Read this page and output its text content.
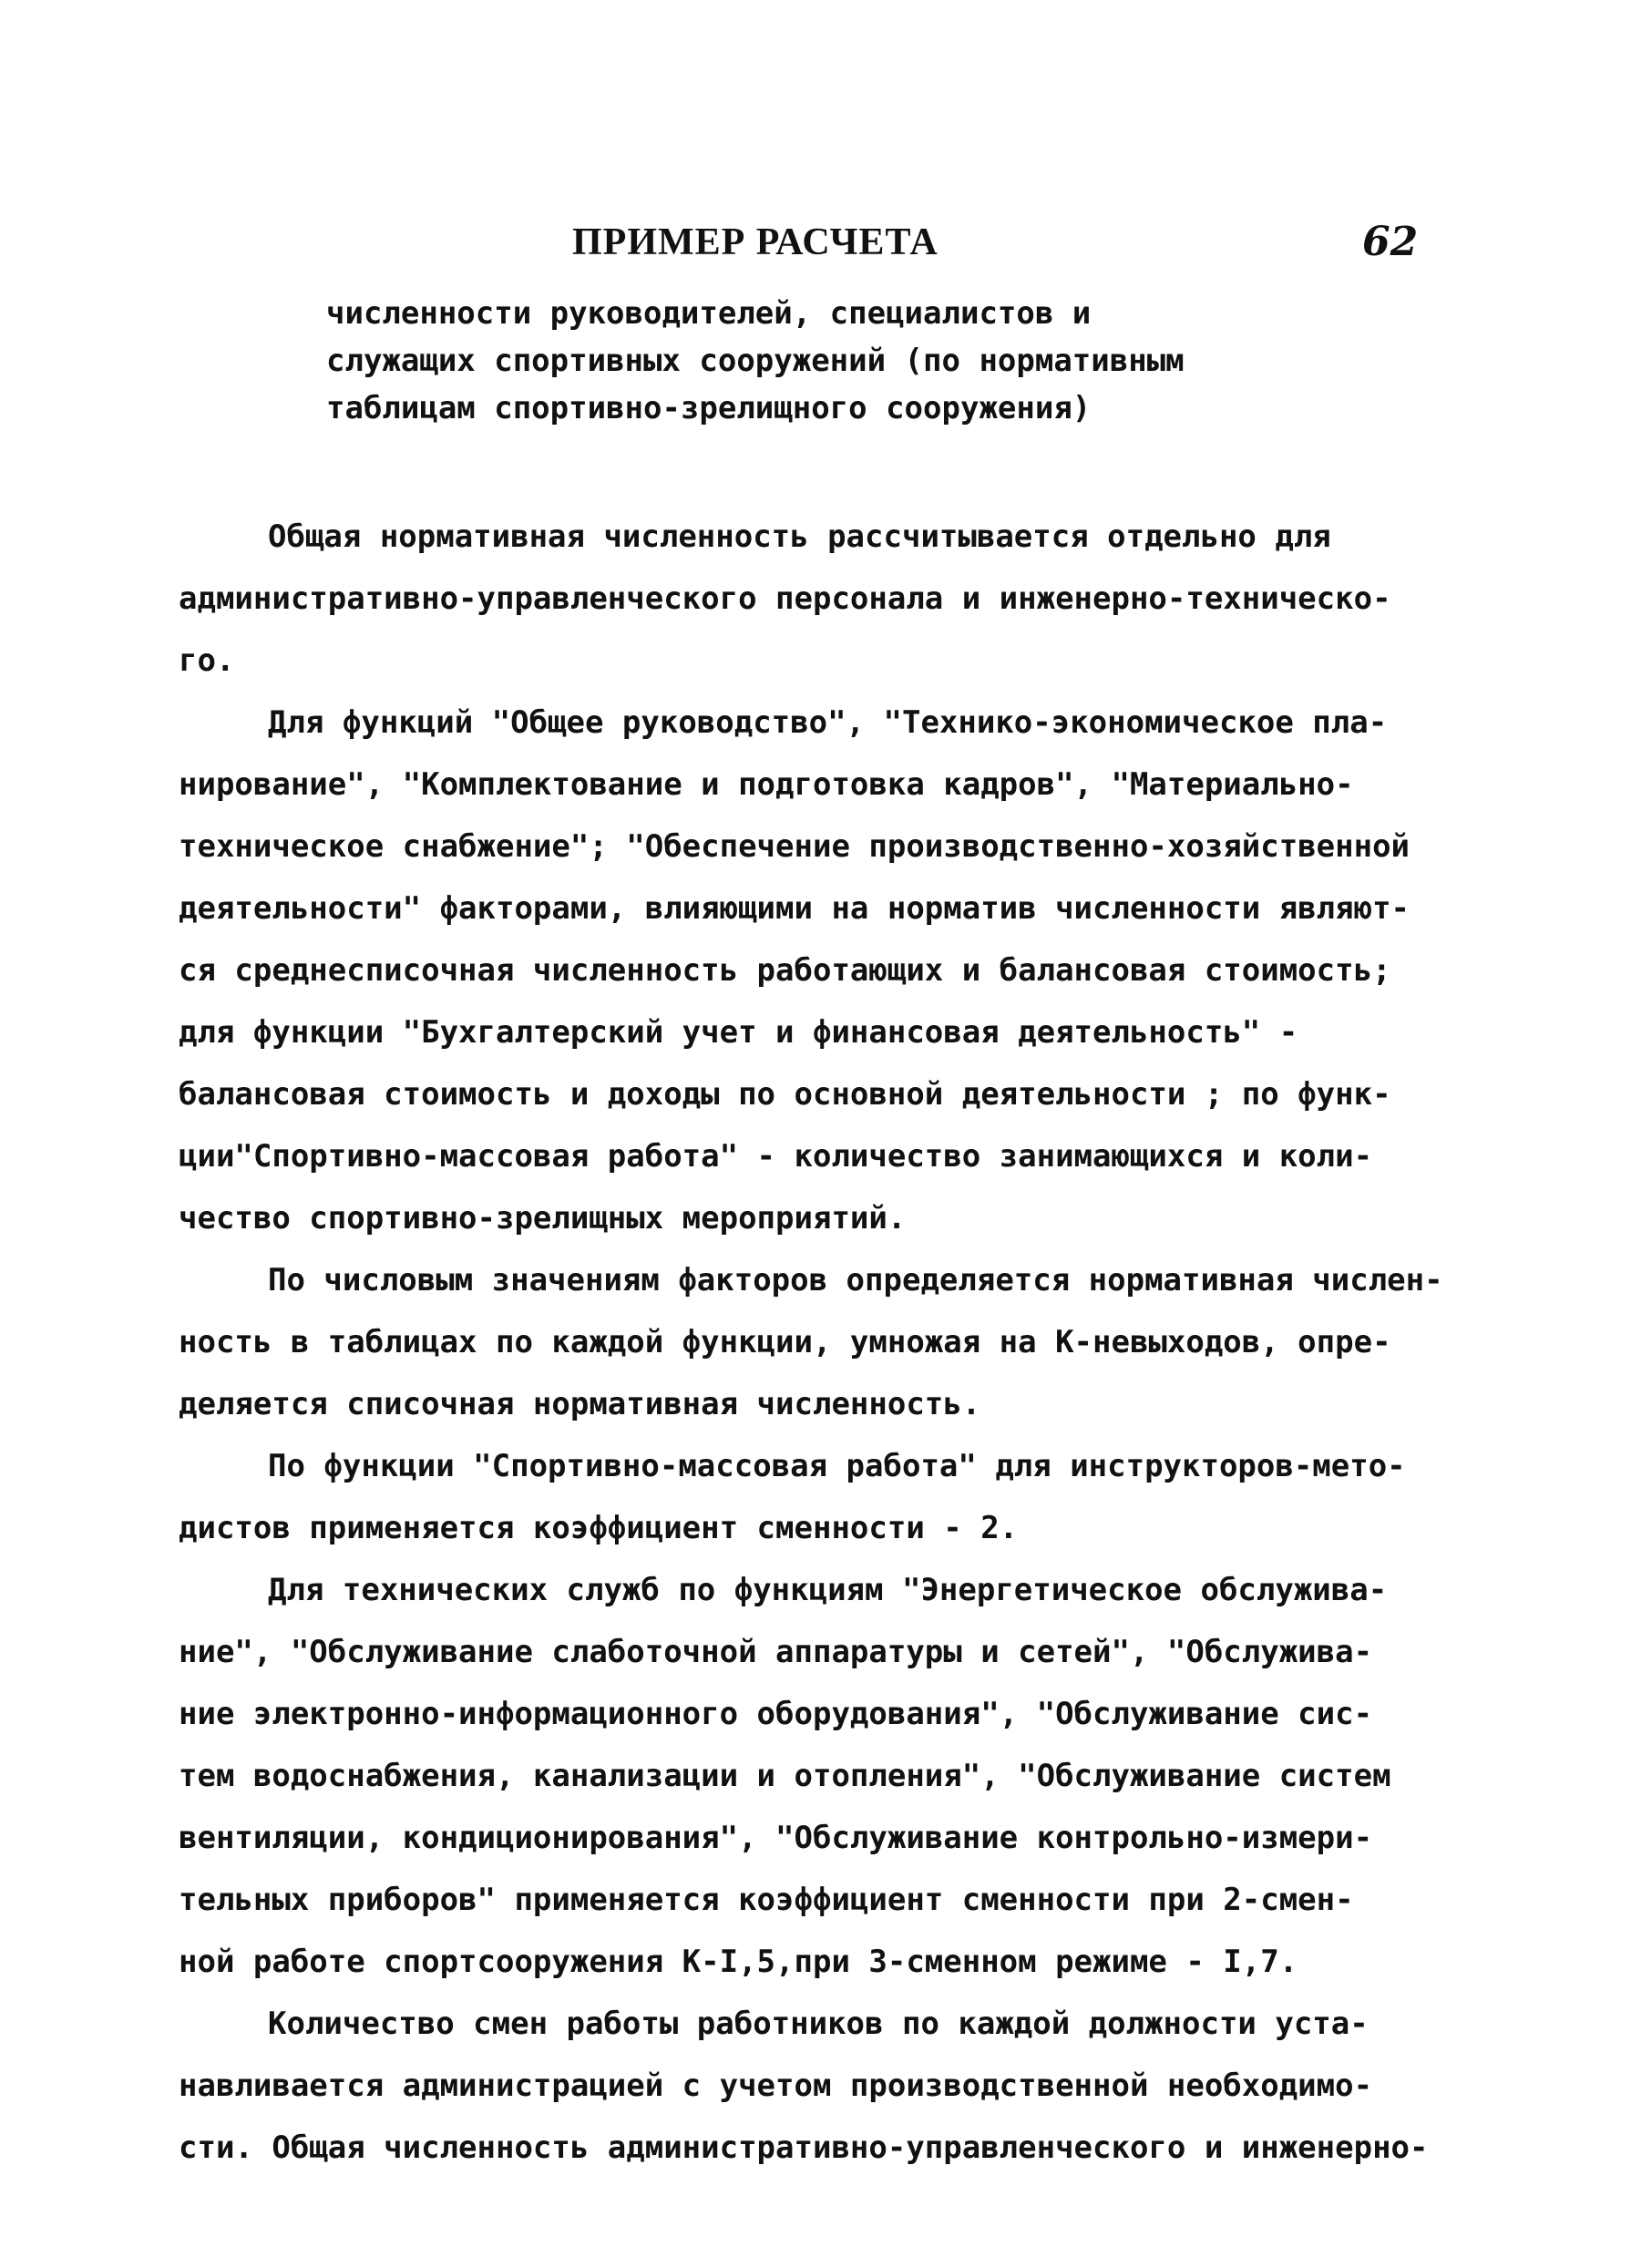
ПРИМЕР РАСЧЕТА	62
численности руководителей, специалистов и
служащих спортивных сооружений (по нормативным
таблицам спортивно-зрелищного сооружения)
Общая нормативная численность рассчитывается отдельно для
административно-управленческого персонала и инженерно-техническо-
го.
Для функций "Общее руководство", "Технико-экономическое пла-
нирование", "Комплектование и подготовка кадров", "Материально-
техническое снабжение"; "Обеспечение производственно-хозяйственной
деятельности" факторами, влияющими на норматив численности являют-
ся среднесписочная численность работающих и балансовая стоимость;
для функции "Бухгалтерский учет и финансовая деятельность" -
балансовая стоимость и доходы по основной деятельности ; по функ-
ции"Спортивно-массовая работа" - количество занимающихся и коли-
чество спортивно-зрелищных мероприятий.
По числовым значениям факторов определяется нормативная числен-
ность в таблицах по каждой функции, умножая на К-невыходов, опре-
деляется списочная нормативная численность.
По функции "Спортивно-массовая работа" для инструкторов-мето-
дистов применяется коэффициент сменности - 2.
Для технических служб по функциям "Энергетическое обслужива-
ние", "Обслуживание слаботочной аппаратуры и сетей", "Обслужива-
ние электронно-информационного оборудования", "Обслуживание сис-
тем водоснабжения, канализации и отопления", "Обслуживание систем
вентиляции, кондиционирования", "Обслуживание контрольно-измери-
тельных приборов" применяется коэффициент сменности при 2-смен-
ной работе спортсооружения К-I,5,при 3-сменном режиме - I,7.
Количество смен работы работников по каждой должности уста-
навливается администрацией с учетом производственной необходимо-
сти. Общая численность административно-управленческого и инженерно-
